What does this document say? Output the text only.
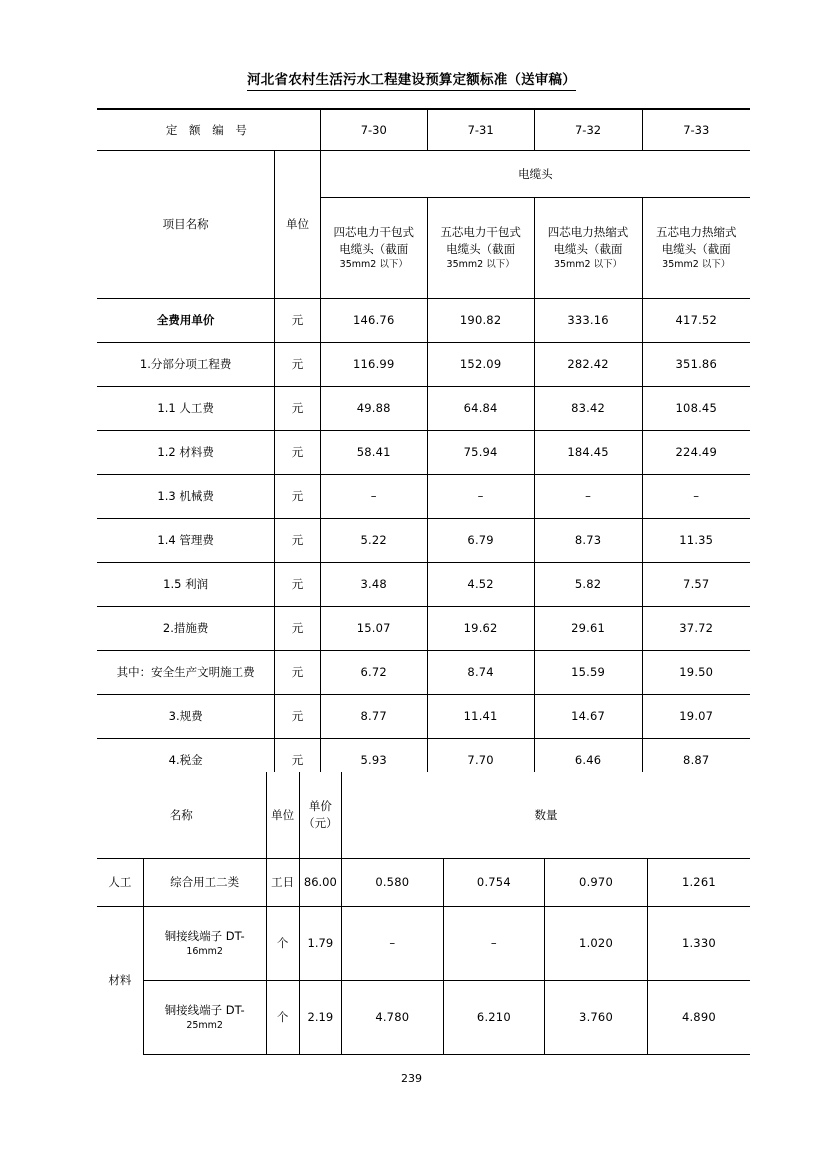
河北省农村生活污水工程建设预算定额标准（送审稿）
定 额 编 号		7-30	7-31	7-32	7-33
项目名称	单位	电缆头			

		四芯电力干包式
电缆头（截面
35mm2 以下）	五芯电力干包式
电缆头（截面
35mm2 以下）	四芯电力热缩式
电缆头（截面
35mm2 以下）	五芯电力热缩式
电缆头（截面
35mm2 以下）

全费用单价	元	146.76	190.82	333.16	417.52
1.分部分项工程费	元	116.99	152.09	282.42	351.86
1.1 人工费	元	49.88	64.84	83.42	108.45
1.2 材料费	元	58.41	75.94	184.45	224.49
1.3 机械费	元	–	–	–	–
1.4 管理费	元	5.22	6.79	8.73	11.35
1.5 利润	元	3.48	4.52	5.82	7.57
2.措施费	元	15.07	19.62	29.61	37.72
其中：安全生产文明施工费	元	6.72	8.74	15.59	19.50
3.规费	元	8.77	11.41	14.67	19.07
4.税金	元	5.93	7.70	6.46	8.87
名称		单位	单价
（元）	数量			
人工	综合用工二类	工日	86.00	0.580	0.754	0.970	1.261
材料	铜接线端子 DT-
16mm2	个	1.79	–	–	1.020	1.330

	铜接线端子 DT-
25mm2	个	2.19	4.780	6.210	3.760	4.890
239
